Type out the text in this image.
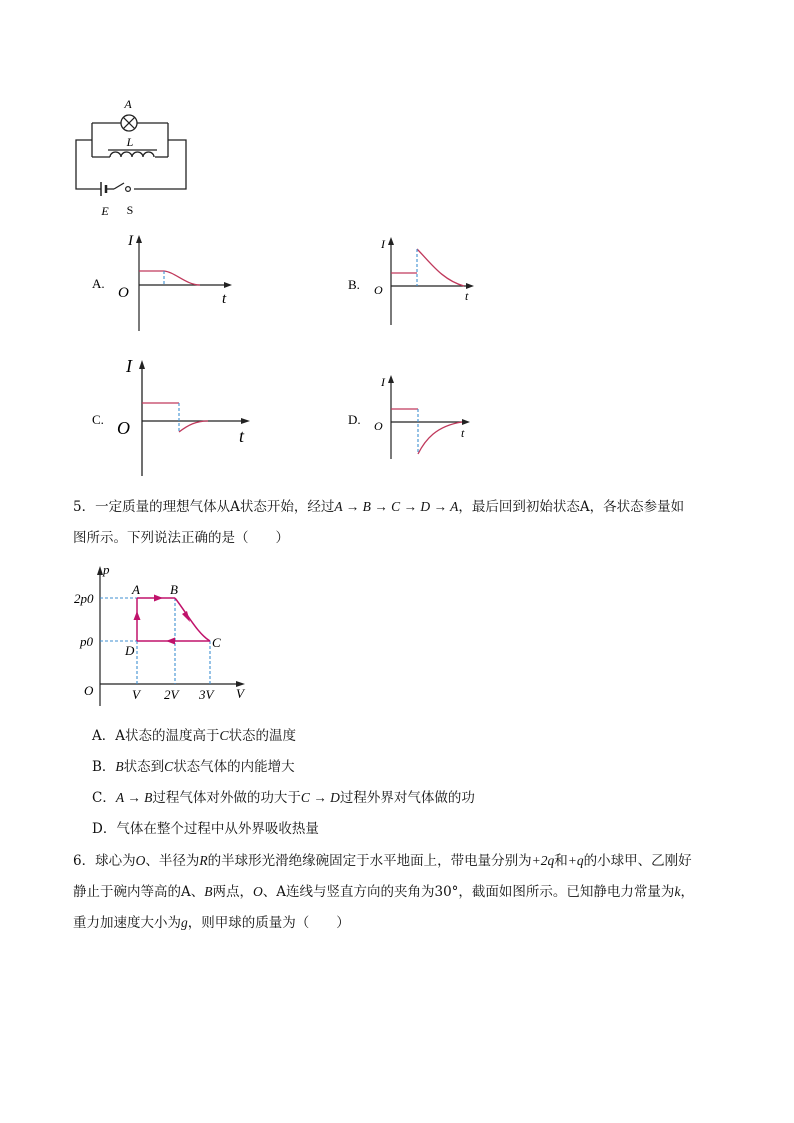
A
L
E S
A.
I
O	t
B.
I
O	t
C.
I
O	t
D.
I
O	t
5．一定质量的理想气体从A状态开始，经过A → B → C → D → A，最后回到初始状态A，各状态参量如
图所示。下列说法正确的是（　　）
p
V
O
2p0
p0
V 2V 3V
A B
C
D
A．A状态的温度高于C状态的温度
B．B状态到C状态气体的内能增大
C．A → B过程气体对外做的功大于C → D过程外界对气体做的功
D．气体在整个过程中从外界吸收热量
6．球心为O、半径为R的半球形光滑绝缘碗固定于水平地面上，带电量分别为+2q和+q的小球甲、乙刚好
静止于碗内等高的A、B两点，O、A连线与竖直方向的夹角为30°，截面如图所示。已知静电力常量为k，
重力加速度大小为g，则甲球的质量为（　　）
